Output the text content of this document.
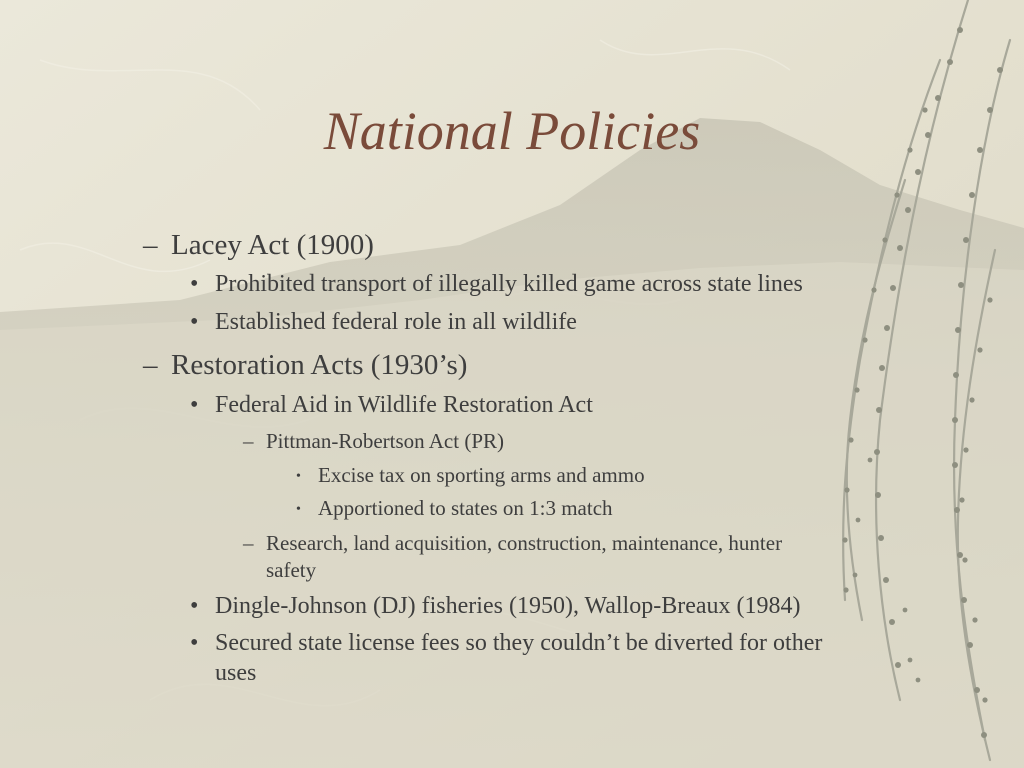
National Policies
– Lacey Act (1900)
• Prohibited transport of illegally killed game across state lines
• Established federal role in all wildlife
– Restoration Acts (1930’s)
• Federal Aid in Wildlife Restoration Act
– Pittman-Robertson Act (PR)
• Excise tax on sporting arms and ammo
• Apportioned to states on 1:3 match
– Research, land acquisition, construction, maintenance, hunter
safety
• Dingle-Johnson (DJ) fisheries (1950), Wallop-Breaux (1984)
• Secured state license fees so they couldn’t be diverted for other
uses
